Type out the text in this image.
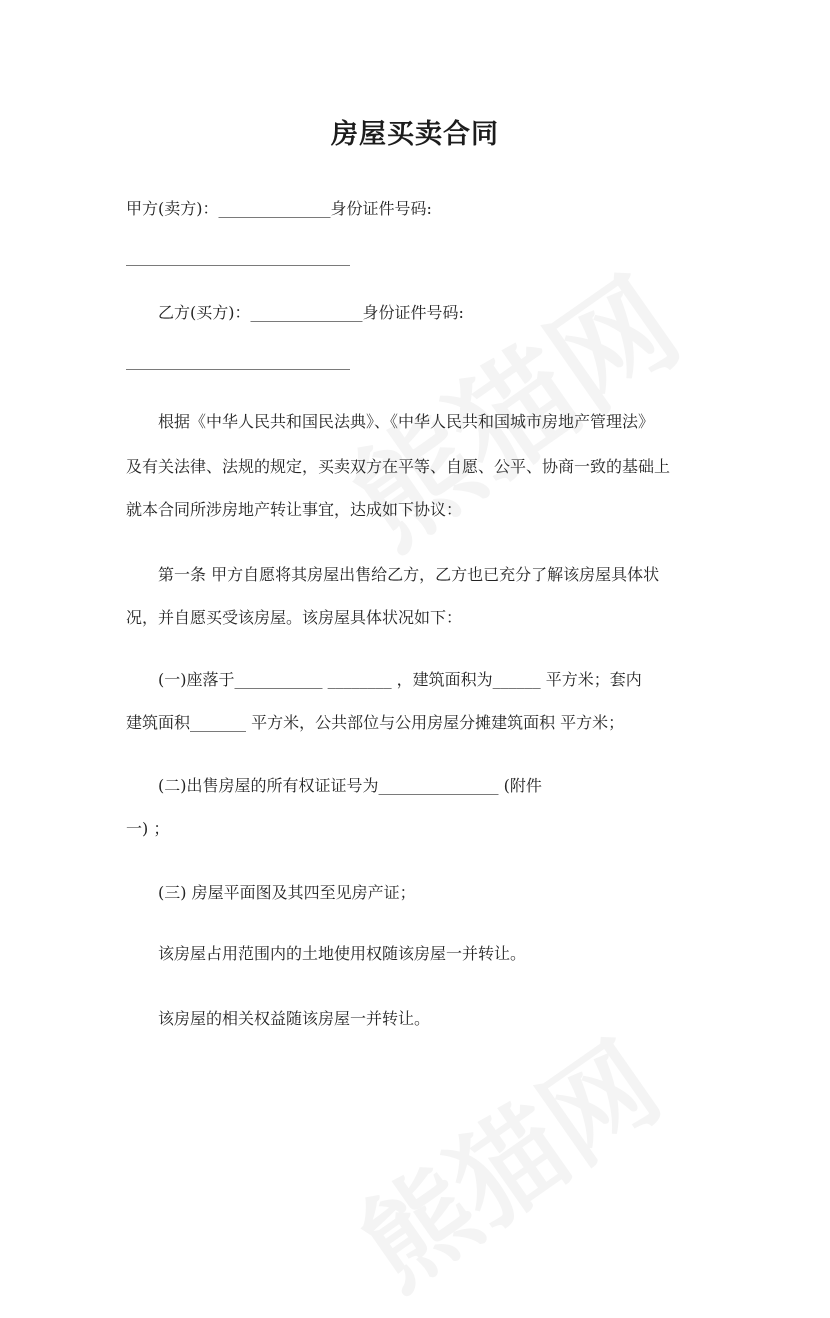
房屋买卖合同
甲方(卖方)：______________身份证件号码:
____________________________
乙方(买方)：______________身份证件号码:
____________________________
根据《中华人民共和国民法典》、《中华人民共和国城市房地产管理法》
及有关法律、法规的规定，买卖双方在平等、自愿、公平、协商一致的基础上
就本合同所涉房地产转让事宜，达成如下协议：
第一条 甲方自愿将其房屋出售给乙方，乙方也已充分了解该房屋具体状
况，并自愿买受该房屋。该房屋具体状况如下：
(一)座落于___________ ________ ，建筑面积为______ 平方米；套内
建筑面积_______ 平方米，公共部位与公用房屋分摊建筑面积 平方米；
(二)出售房屋的所有权证证号为_______________ (附件
一) ；
(三) 房屋平面图及其四至见房产证；
该房屋占用范围内的土地使用权随该房屋一并转让。
该房屋的相关权益随该房屋一并转让。
